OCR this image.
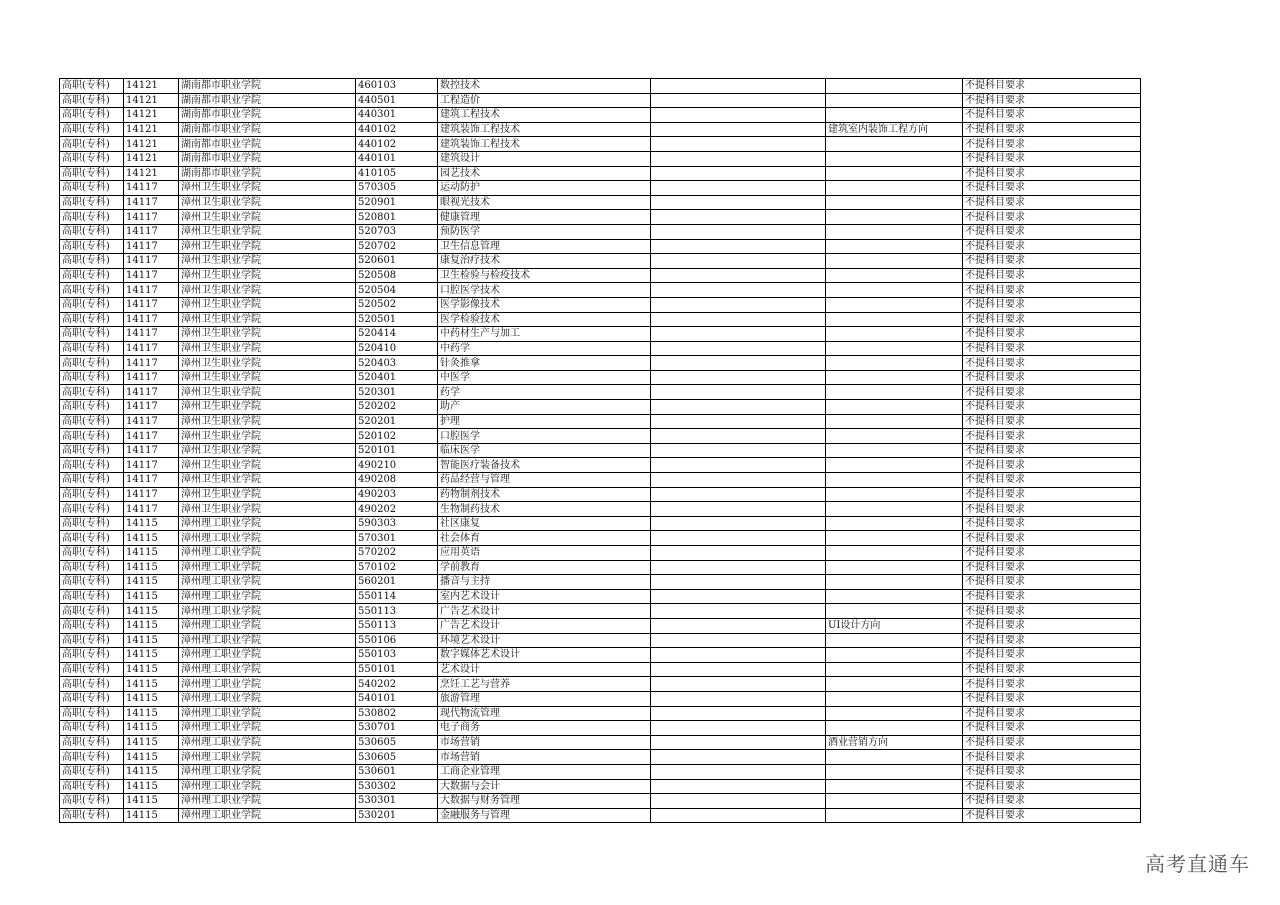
高职(专科)	14121	湖南都市职业学院	460103	数控技术			不提科目要求
高职(专科)	14121	湖南都市职业学院	440501	工程造价			不提科目要求
高职(专科)	14121	湖南都市职业学院	440301	建筑工程技术			不提科目要求
高职(专科)	14121	湖南都市职业学院	440102	建筑装饰工程技术		建筑室内装饰工程方向	不提科目要求
高职(专科)	14121	湖南都市职业学院	440102	建筑装饰工程技术			不提科目要求
高职(专科)	14121	湖南都市职业学院	440101	建筑设计			不提科目要求
高职(专科)	14121	湖南都市职业学院	410105	园艺技术			不提科目要求
高职(专科)	14117	漳州卫生职业学院	570305	运动防护			不提科目要求
高职(专科)	14117	漳州卫生职业学院	520901	眼视光技术			不提科目要求
高职(专科)	14117	漳州卫生职业学院	520801	健康管理			不提科目要求
高职(专科)	14117	漳州卫生职业学院	520703	预防医学			不提科目要求
高职(专科)	14117	漳州卫生职业学院	520702	卫生信息管理			不提科目要求
高职(专科)	14117	漳州卫生职业学院	520601	康复治疗技术			不提科目要求
高职(专科)	14117	漳州卫生职业学院	520508	卫生检验与检疫技术			不提科目要求
高职(专科)	14117	漳州卫生职业学院	520504	口腔医学技术			不提科目要求
高职(专科)	14117	漳州卫生职业学院	520502	医学影像技术			不提科目要求
高职(专科)	14117	漳州卫生职业学院	520501	医学检验技术			不提科目要求
高职(专科)	14117	漳州卫生职业学院	520414	中药材生产与加工			不提科目要求
高职(专科)	14117	漳州卫生职业学院	520410	中药学			不提科目要求
高职(专科)	14117	漳州卫生职业学院	520403	针灸推拿			不提科目要求
高职(专科)	14117	漳州卫生职业学院	520401	中医学			不提科目要求
高职(专科)	14117	漳州卫生职业学院	520301	药学			不提科目要求
高职(专科)	14117	漳州卫生职业学院	520202	助产			不提科目要求
高职(专科)	14117	漳州卫生职业学院	520201	护理			不提科目要求
高职(专科)	14117	漳州卫生职业学院	520102	口腔医学			不提科目要求
高职(专科)	14117	漳州卫生职业学院	520101	临床医学			不提科目要求
高职(专科)	14117	漳州卫生职业学院	490210	智能医疗装备技术			不提科目要求
高职(专科)	14117	漳州卫生职业学院	490208	药品经营与管理			不提科目要求
高职(专科)	14117	漳州卫生职业学院	490203	药物制剂技术			不提科目要求
高职(专科)	14117	漳州卫生职业学院	490202	生物制药技术			不提科目要求
高职(专科)	14115	漳州理工职业学院	590303	社区康复			不提科目要求
高职(专科)	14115	漳州理工职业学院	570301	社会体育			不提科目要求
高职(专科)	14115	漳州理工职业学院	570202	应用英语			不提科目要求
高职(专科)	14115	漳州理工职业学院	570102	学前教育			不提科目要求
高职(专科)	14115	漳州理工职业学院	560201	播音与主持			不提科目要求
高职(专科)	14115	漳州理工职业学院	550114	室内艺术设计			不提科目要求
高职(专科)	14115	漳州理工职业学院	550113	广告艺术设计			不提科目要求
高职(专科)	14115	漳州理工职业学院	550113	广告艺术设计		UI设计方向	不提科目要求
高职(专科)	14115	漳州理工职业学院	550106	环境艺术设计			不提科目要求
高职(专科)	14115	漳州理工职业学院	550103	数字媒体艺术设计			不提科目要求
高职(专科)	14115	漳州理工职业学院	550101	艺术设计			不提科目要求
高职(专科)	14115	漳州理工职业学院	540202	烹饪工艺与营养			不提科目要求
高职(专科)	14115	漳州理工职业学院	540101	旅游管理			不提科目要求
高职(专科)	14115	漳州理工职业学院	530802	现代物流管理			不提科目要求
高职(专科)	14115	漳州理工职业学院	530701	电子商务			不提科目要求
高职(专科)	14115	漳州理工职业学院	530605	市场营销		酒业营销方向	不提科目要求
高职(专科)	14115	漳州理工职业学院	530605	市场营销			不提科目要求
高职(专科)	14115	漳州理工职业学院	530601	工商企业管理			不提科目要求
高职(专科)	14115	漳州理工职业学院	530302	大数据与会计			不提科目要求
高职(专科)	14115	漳州理工职业学院	530301	大数据与财务管理			不提科目要求
高职(专科)	14115	漳州理工职业学院	530201	金融服务与管理			不提科目要求
高考直通车
